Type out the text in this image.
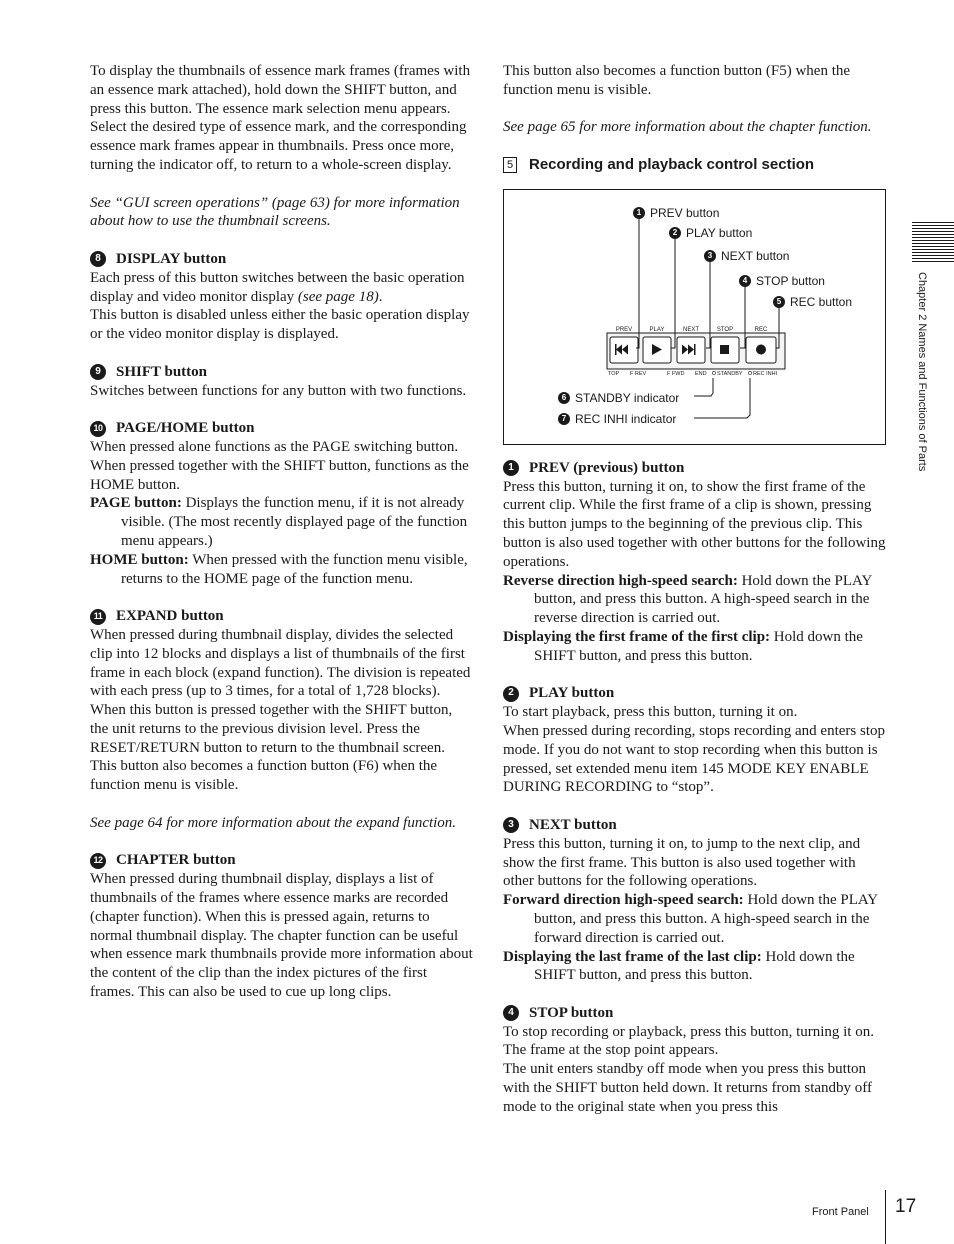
To display the thumbnails of essence mark frames (frames with an essence mark attached), hold down the SHIFT button, and press this button. The essence mark selection menu appears. Select the desired type of essence mark, and the corresponding essence mark frames appear in thumbnails. Press once more, turning the indicator off, to return to a whole-screen display.

See “GUI screen operations” (page 63) for more information about how to use the thumbnail screens.

8	DISPLAY button

Each press of this button switches between the basic operation display and video monitor display (see page 18).

This button is disabled unless either the basic operation display or the video monitor display is displayed.

9	SHIFT button

Switches between functions for any button with two functions.

10 PAGE/HOME button

When pressed alone functions as the PAGE switching button. When pressed together with the SHIFT button, functions as the HOME button.

PAGE button: Displays the function menu, if it is not already visible. (The most recently displayed page of the function menu appears.)

HOME button: When pressed with the function menu visible, returns to the HOME page of the function menu.

11 EXPAND button

When pressed during thumbnail display, divides the selected clip into 12 blocks and displays a list of thumbnails of the first frame in each block (expand function). The division is repeated with each press (up to 3 times, for a total of 1,728 blocks).

When this button is pressed together with the SHIFT button, the unit returns to the previous division level. Press the RESET/RETURN button to return to the thumbnail screen.

This button also becomes a function button (F6) when the function menu is visible.

See page 64 for more information about the expand function.

12 CHAPTER button

When pressed during thumbnail display, displays a list of thumbnails of the frames where essence marks are recorded (chapter function). When this is pressed again, returns to normal thumbnail display. The chapter function can be useful when essence mark thumbnails provide more information about the content of the clip than the index pictures of the first frames. This can also be used to cue up long clips.

This button also becomes a function button (F5) when the function menu is visible.

See page 65 for more information about the chapter function.

5 Recording and playback control section
PREV	PLAY	NEXT	STOP	REC
TOP F REV	F FWD END STANDBY REC INHI
1 PREV button
2 PLAY button
3 NEXT button
4 STOP button
5 REC button
6 STANDBY indicator
7 REC INHI indicator
1	PREV (previous) button

Press this button, turning it on, to show the first frame of the current clip. While the first frame of a clip is shown, pressing this button jumps to the beginning of the previous clip. This button is also used together with other buttons for the following operations.

Reverse direction high-speed search: Hold down the PLAY button, and press this button. A high-speed search in the reverse direction is carried out.

Displaying the first frame of the first clip: Hold down the SHIFT button, and press this button.

2	PLAY button

To start playback, press this button, turning it on.

When pressed during recording, stops recording and enters stop mode. If you do not want to stop recording when this button is pressed, set extended menu item 145 MODE KEY ENABLE DURING RECORDING to “stop”.

3	NEXT button

Press this button, turning it on, to jump to the next clip, and show the first frame. This button is also used together with other buttons for the following operations.

Forward direction high-speed search: Hold down the PLAY button, and press this button. A high-speed search in the forward direction is carried out.

Displaying the last frame of the last clip: Hold down the SHIFT button, and press this button.

4	STOP button

To stop recording or playback, press this button, turning it on. The frame at the stop point appears.

The unit enters standby off mode when you press this button with the SHIFT button held down. It returns from standby off mode to the original state when you press this

Chapter 2 Names and Functions of Parts
Front Panel 17
